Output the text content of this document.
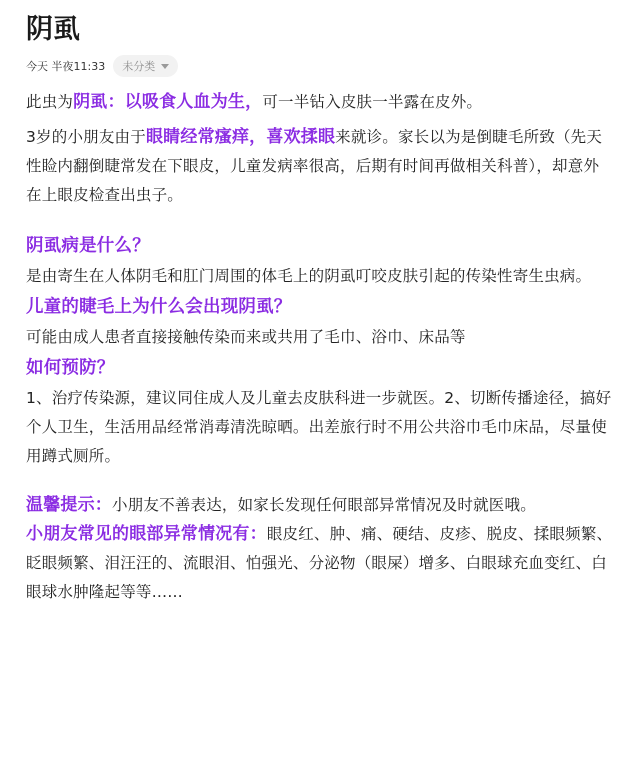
阴虱
今天 半夜11:33 未分类

此虫为阴虱：以吸食人血为生，可一半钻入皮肤一半露在皮外。

3岁的小朋友由于眼睛经常瘙痒，喜欢揉眼来就诊。家长以为是倒睫毛所致（先天性睑内翻倒睫常发在下眼皮，儿童发病率很高，后期有时间再做相关科普），却意外在上眼皮检查出虫子。

阴虱病是什么？

是由寄生在人体阴毛和肛门周围的体毛上的阴虱叮咬皮肤引起的传染性寄生虫病。

儿童的睫毛上为什么会出现阴虱？

可能由成人患者直接接触传染而来或共用了毛巾、浴巾、床品等

如何预防？

1、治疗传染源，建议同住成人及儿童去皮肤科进一步就医。2、切断传播途径，搞好个人卫生，生活用品经常消毒清洗晾晒。出差旅行时不用公共浴巾毛巾床品，尽量使用蹲式厕所。

温馨提示：小朋友不善表达，如家长发现任何眼部异常情况及时就医哦。

小朋友常见的眼部异常情况有：眼皮红、肿、痛、硬结、皮疹、脱皮、揉眼频繁、眨眼频繁、泪汪汪的、流眼泪、怕强光、分泌物（眼屎）增多、白眼球充血变红、白眼球水肿隆起等等……
